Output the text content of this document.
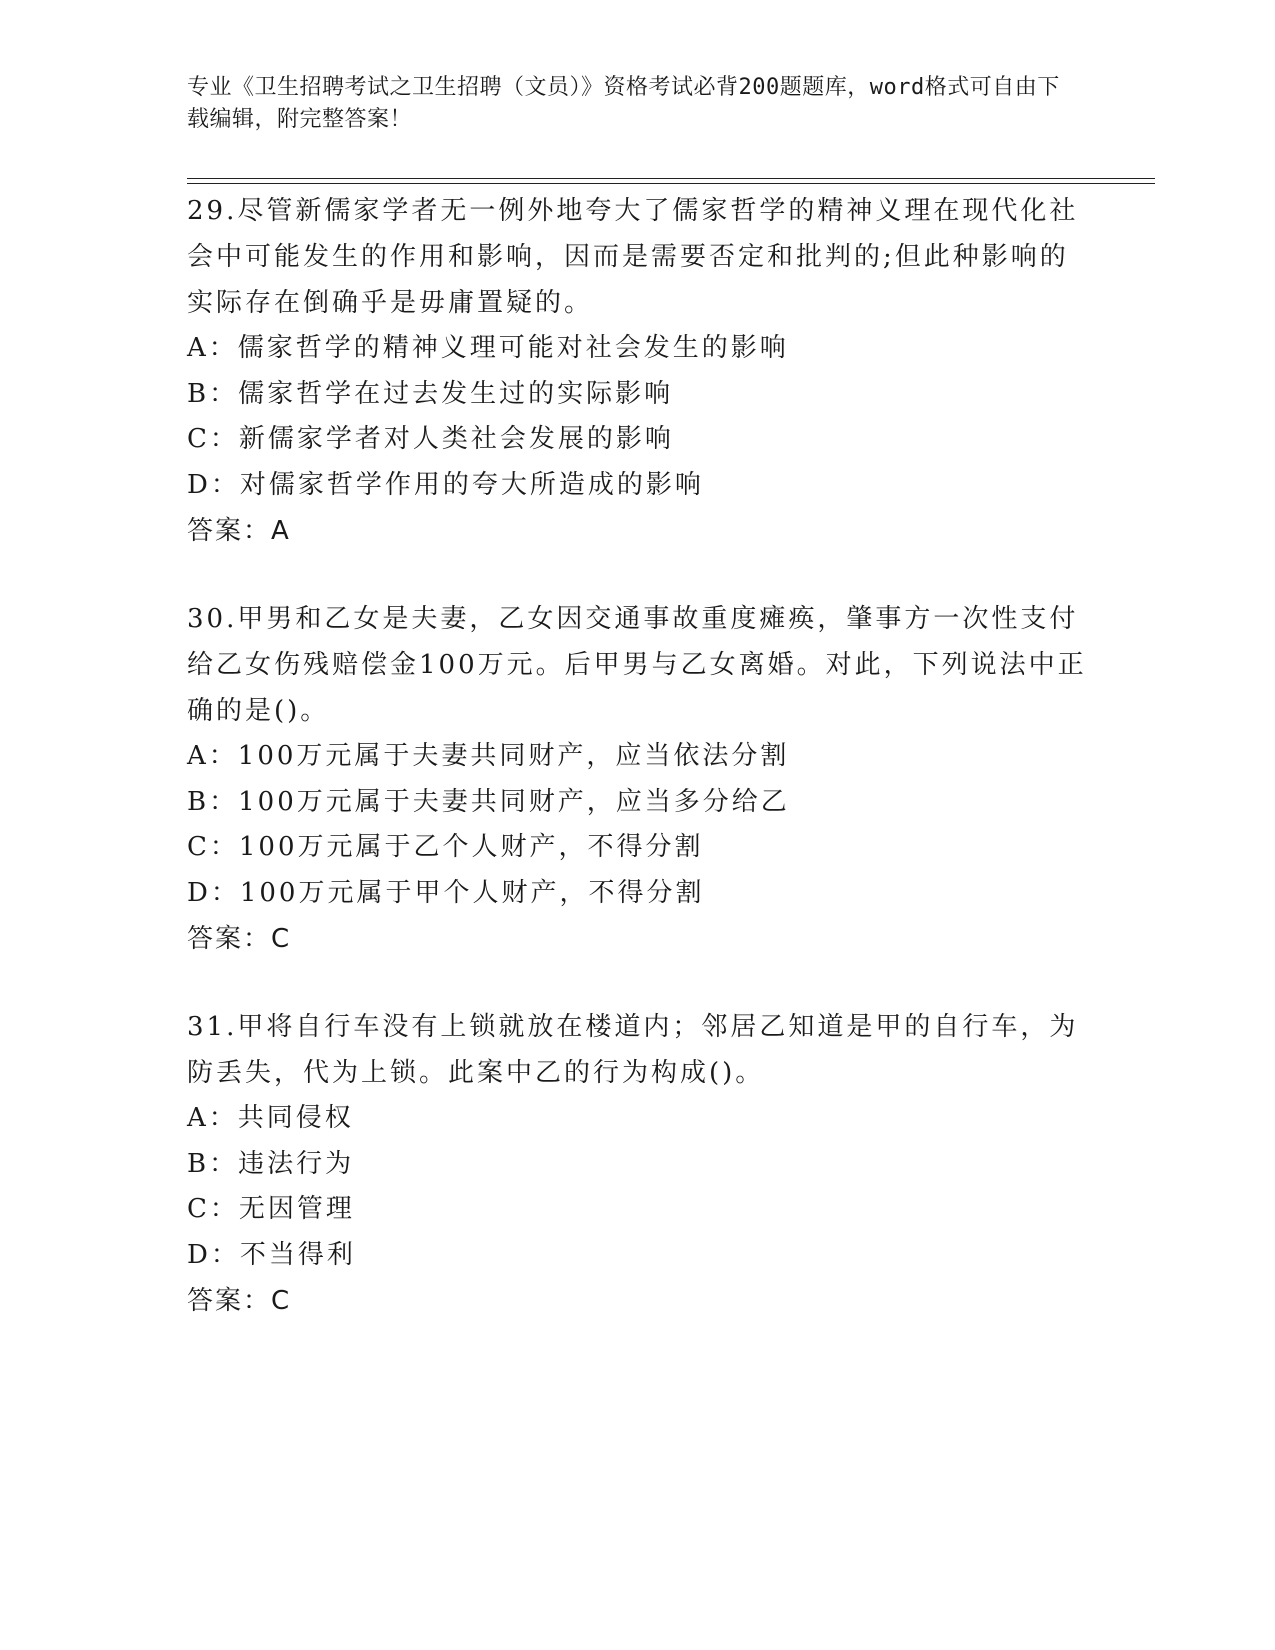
专业《卫生招聘考试之卫生招聘（文员）》资格考试必背200题题库，word格式可自由下载编辑，附完整答案！

29.尽管新儒家学者无一例外地夸大了儒家哲学的精神义理在现代化社会中可能发生的作用和影响，因而是需要否定和批判的;但此种影响的实际存在倒确乎是毋庸置疑的。

A：儒家哲学的精神义理可能对社会发生的影响

B：儒家哲学在过去发生过的实际影响

C：新儒家学者对人类社会发展的影响

D：对儒家哲学作用的夸大所造成的影响

答案：A

30.甲男和乙女是夫妻，乙女因交通事故重度瘫痪，肇事方一次性支付给乙女伤残赔偿金100万元。后甲男与乙女离婚。对此，下列说法中正确的是()。

A：100万元属于夫妻共同财产，应当依法分割

B：100万元属于夫妻共同财产，应当多分给乙

C：100万元属于乙个人财产，不得分割

D：100万元属于甲个人财产，不得分割

答案：C

31.甲将自行车没有上锁就放在楼道内；邻居乙知道是甲的自行车，为防丢失，代为上锁。此案中乙的行为构成()。

A：共同侵权

B：违法行为

C：无因管理

D：不当得利

答案：C
